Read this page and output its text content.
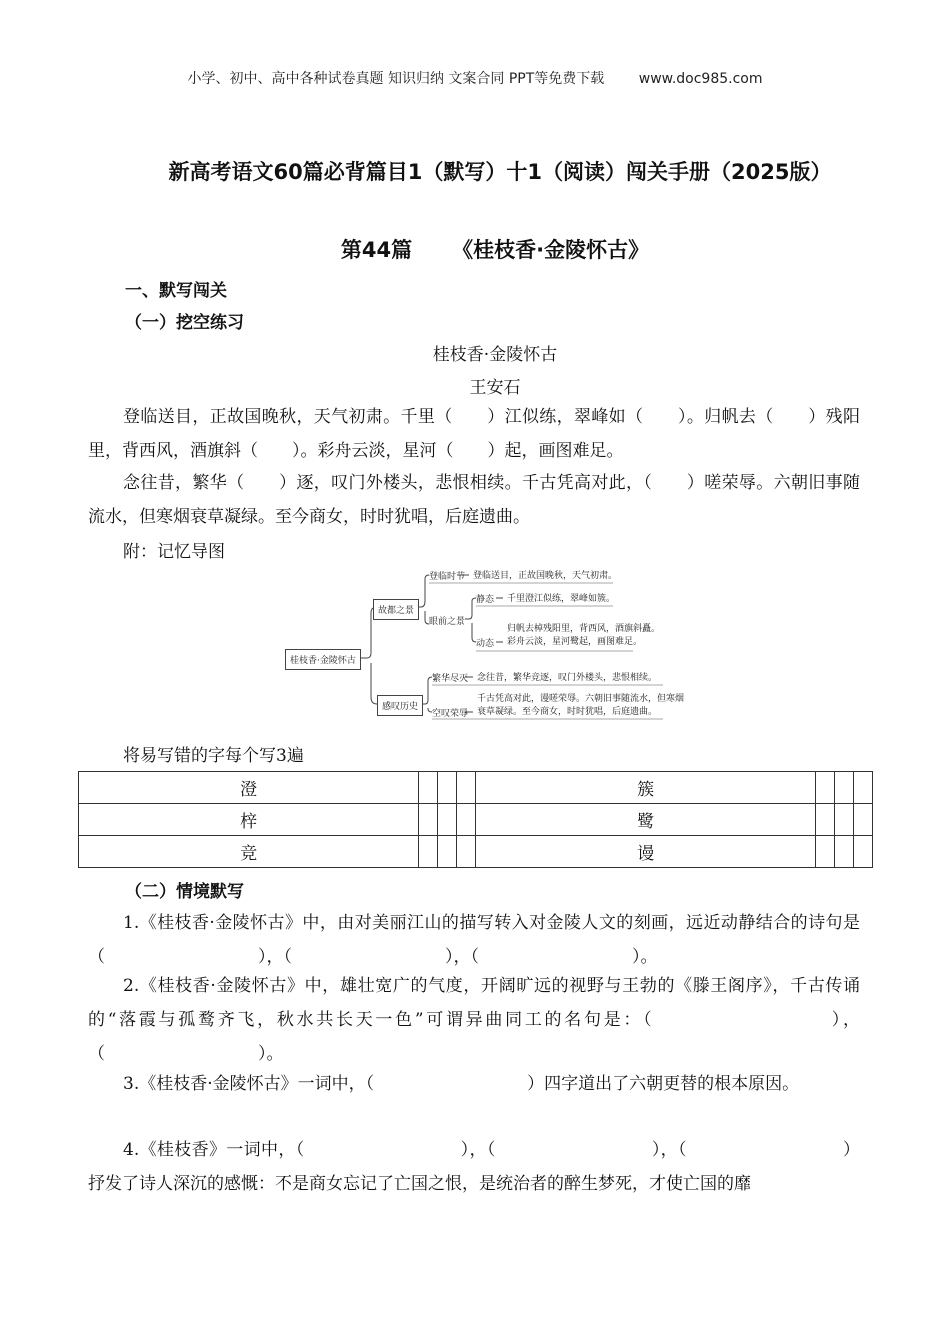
小学、初中、高中各种试卷真题 知识归纳 文案合同 PPT等免费下载 www.doc985.com
新高考语文60篇必背篇目1（默写）十1（阅读）闯关手册（2025版）
第44篇 《桂枝香·金陵怀古》
一、默写闯关
（一）挖空练习
桂枝香·金陵怀古
王安石

登临送目，正故国晚秋，天气初肃。千里（　　）江似练，翠峰如（　　）。归帆去（　　）残阳里，背西风，酒旗斜（　　）。彩舟云淡，星河（　　）起，画图难足。

念往昔，繁华（　　）逐，叹门外楼头，悲恨相续。千古凭高对此，（　　）嗟荣辱。六朝旧事随流水，但寒烟衰草凝绿。至今商女，时时犹唱，后庭遗曲。

附：记忆导图
桂枝香·金陵怀古
故都之景
感叹历史
登临时节 登临送目，正故国晚秋，天气初肃。
眼前之景
静态 千里澄江似练，翠峰如簇。
动态
归帆去棹残阳里，背西风，酒旗斜矗。
彩舟云淡，星河鹭起，画图难足。
繁华尽灭 念往昔，繁华竞逐，叹门外楼头，悲恨相续。
空叹荣辱
千古凭高对此，谩嗟荣辱。六朝旧事随流水，但寒烟
衰草凝绿。至今商女，时时犹唱，后庭遗曲。
将易写错的字每个写3遍
澄				簇			
梓				鹭			
竞				谩			
（二）情境默写

1.《桂枝香·金陵怀古》中，由对美丽江山的描写转入对金陵人文的刻画，远近动静结合的诗句是（　　　　　　　　　），（　　　　　　　　　），（　　　　　　　　　）。

2.《桂枝香·金陵怀古》中，雄壮宽广的气度，开阔旷远的视野与王勃的《滕王阁序》，千古传诵的“落霞与孤鹜齐飞，秋水共长天一色”可谓异曲同工的名句是：（　　　　　　　　　），（　　　　　　　　　）。

3.《桂枝香·金陵怀古》一词中，（　　　　　　　　　）四字道出了六朝更替的根本原因。

4.《桂枝香》一词中，（　　　　　　　　　），（　　　　　　　　　），（　　　　　　　　　）抒发了诗人深沉的感慨：不是商女忘记了亡国之恨，是统治者的醉生梦死，才使亡国的靡
